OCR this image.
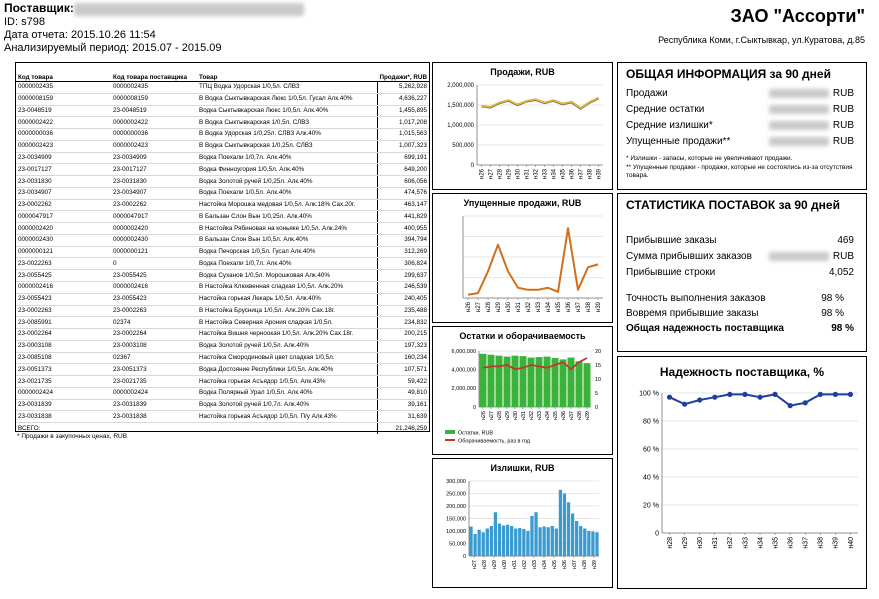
Поставщик:
ID: s798
Дата отчета: 2015.10.26 11:54
Анализируемый период: 2015.07 - 2015.09
ЗАО "Ассорти"
Республика Коми, г.Сыктывкар, ул.Куратова, д.85
Код товара	Код товара поставщика	Товар	Продажи*, RUB
0000002435	0000002435	ТПЦ Водка Удорская 1/0,5л. СЛВЗ	5,262,928
0000008159	0000008159	В Водка Сыктывкарская Люкс 1/0,5л. Гусал Алк.40%	4,636,227
23-0048519	23-0048519	Водка Сыктывкарская Люкс 1/0,5л. Алк.40%	1,455,895
0000002422	0000002422	В Водка Сыктывкарская 1/0,5л. СЛВЗ	1,017,208
0000000036	0000000036	В Водка Удорская 1/0,25л. СЛВЗ Алк.40%	1,015,563
0000002423	0000002423	В Водка Сыктывкарская 1/0,25л. СЛВЗ	1,007,323
23-0034909	23-0034909	Водка Поехали 1/0,7л. Алк.40%	699,191
23-0017127	23-0017127	Водка Финноугория 1/0,5л. Алк.40%	649,200
23-0031830	23-0031830	Водка Золотой ручей 1/0,25л. Алк.40%	606,056
23-0034907	23-0034907	Водка Поехали 1/0,5л. Алк.40%	474,576
23-0002262	23-0002262	Настойка Морошка медовая 1/0,5л. Алк.18% Сах.20г.	463,147
0000047917	0000047917	В Бальзан Слон Вын 1/0,25л. Алк.40%	441,829
0000002420	0000002420	В Настойка Рябиновая на коньяке 1/0,5л. Алк.24%	400,955
0000002430	0000002430	В Бальзан Слон Вын 1/0,5л. Алк.40%	394,794
0000000121	0000000121	Водка Печорская 1/0,5л. Гусал Алк.40%	312,269
23-0022263	0	Водка Поехали 1/0,7л. Алк.40%	306,824
23-0055425	23-0055425	Водка Суханов 1/0,5л. Морошковая Алк.40%	299,637
0000002416	0000002416	В Настойка Клюквенная сладкая 1/0,5л. Алк.20%	246,539
23-0055423	23-0055423	Настойка горькая Лекарь 1/0,5л. Алк.40%	240,405
23-0002263	23-0002263	В Настойка Брусница 1/0,5л. Алк.20% Сах.18г.	235,488
23-0085991	02374	В Настойка Северная Арония сладкая 1/0,5л.	234,832
23-0002264	23-0002264	Настойка Вишня черноокая 1/0,5л. Алк.20% Сах.18г.	200,215
23-0003108	23-0003108	Водка Золотой ручей 1/0,5л. Алк.40%	197,323
23-0085108	02367	Настойка Смородиновый цвет сладкая 1/0,5л.	160,234
23-0051373	23-0051373	Водка Достояние Республики 1/0,5л. Алк.40%	107,571
23-0021735	23-0021735	Настойка горькая Асъядор 1/0,5л. Алк.43%	59,422
0000002424	0000002424	Водка Полярный Урал 1/0,5л. Алк.40%	49,810
23-0031839	23-0031839	Водка Золотой ручей 1/0,7л. Алк.40%	39,161
23-0031838	23-0031838	Настойка горькая Асъядор 1/0,5л. П/у Алк.43%	31,639
ВСЕГО:			21,246,259
* Продажи в закупочных ценах, RUB
Продажи, RUB
0
500,000
1,000,000
1,500,000
2,000,000
н26 н27 н28 н29 н30 н31 н32 н33 н34 н35 н36 н37 н38 н39
Упущенные продажи, RUB
н26 н27 н28 н29 н30 н31 н32 н33 н34 н35 н36 н37 н38 н39
Остатки и оборачиваемость
0
2,000,000
4,000,000
6,000,000
н26 н27 н28 н29 н30 н31 н32 н33 н34 н35 н36 н37 н38 н39
0
5
10
15
20
Остатки, RUB
Оборачиваемость, раз в год
Излишки, RUB
0
50,000
100,000
150,000
200,000
250,000
300,000
н27 н28 н29 н30 н31 н32 н33 н34 н35 н36 н37 н38 н39
ОБЩАЯ ИНФОРМАЦИЯ за 90 дней
Продажи	RUB
Средние остатки	RUB
Средние излишки*	RUB
Упущенные продажи**	RUB
* Излишки - запасы, которые не увеличивают продажи.
** Упущенные продажи - продажи, которые не состоялись из-за отсутствия товара.
СТАТИСТИКА ПОСТАВОК за 90 дней
Прибывшие заказы	469
Сумма прибывших заказов	RUB
Прибывшие строки	4,052
Точность выполнения заказов	98 %
Вовремя прибывшие заказы	98 %
Общая надежность поставщика	98 %
Надежность поставщика, %
0
20 %
40 %
60 %
80 %
100 %
н28 н29 н30 н31 н32 н33 н34 н35 н36 н37 н38 н39 н40
